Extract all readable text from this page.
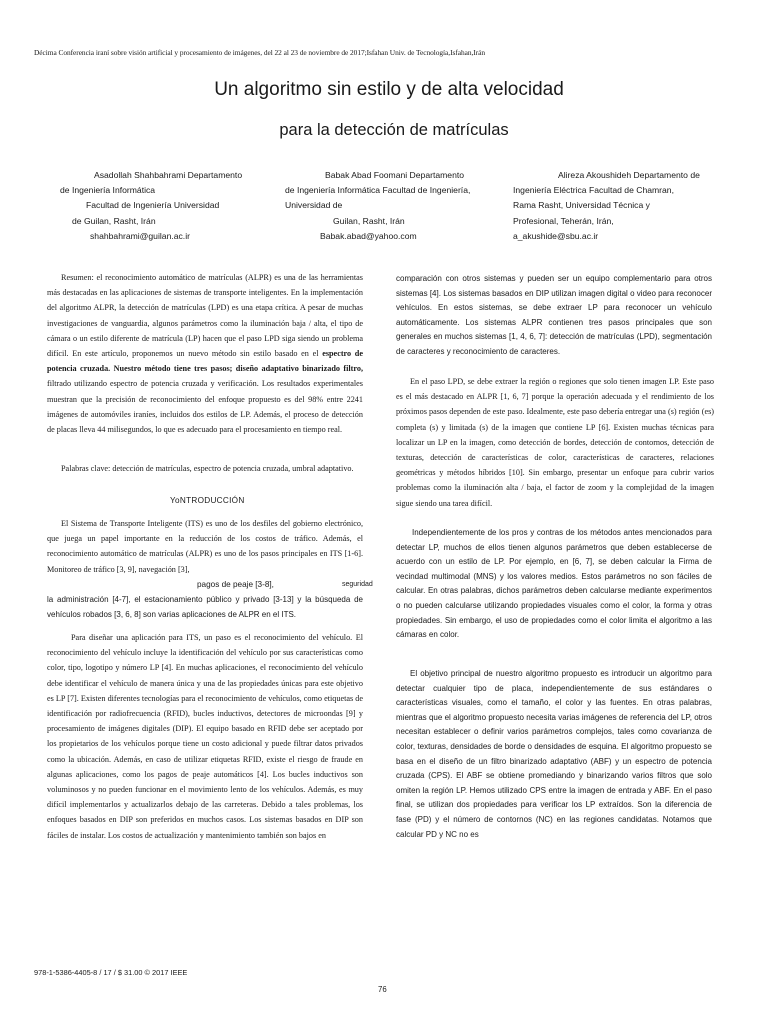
Décima Conferencia iraní sobre visión artificial y procesamiento de imágenes, del 22 al 23 de noviembre de 2017;Isfahan Univ. de Tecnología,Isfahan,Irán
Un algoritmo sin estilo y de alta velocidad
para la detección de matrículas
Asadollah Shahbahrami Departamento
de Ingeniería Informática
Facultad de Ingeniería Universidad
de Guilan, Rasht, Irán
shahbahrami@guilan.ac.ir
Babak Abad Foomani Departamento
de Ingeniería Informática Facultad de Ingeniería,
Universidad de
Guilan, Rasht, Irán
Babak.abad@yahoo.com
Alireza Akoushideh Departamento de
Ingeniería Eléctrica Facultad de Chamran,
Rama Rasht, Universidad Técnica y
Profesional, Teherán, Irán,
a_akushide@sbu.ac.ir

Resumen: el reconocimiento automático de matrículas (ALPR) es una de las herramientas más destacadas en las aplicaciones de sistemas de transporte inteligentes. En la implementación del algoritmo ALPR, la detección de matrículas (LPD) es una etapa crítica. A pesar de muchas investigaciones de vanguardia, algunos parámetros como la iluminación baja / alta, el tipo de cámara o un estilo diferente de matrícula (LP) hacen que el paso LPD siga siendo un problema difícil. En este artículo, proponemos un nuevo método sin estilo basado en el espectro de potencia cruzada. Nuestro método tiene tres pasos; diseño adaptativo binarizado filtro, filtrado utilizando espectro de potencia cruzada y verificación. Los resultados experimentales muestran que la precisión de reconocimiento del enfoque propuesto es del 98% entre 2241 imágenes de automóviles iraníes, incluidos dos estilos de LP. Además, el proceso de detección de placas lleva 44 milisegundos, lo que es adecuado para el procesamiento en tiempo real.

Palabras clave: detección de matrículas, espectro de potencia cruzada, umbral adaptativo.

YoNTRODUCCIÓN

El Sistema de Transporte Inteligente (ITS) es uno de los desfiles del gobierno electrónico, que juega un papel importante en la reducción de los costos de tráfico. Además, el reconocimiento automático de matrículas (ALPR) es uno de los pasos principales en ITS [1-6]. Monitoreo de tráfico [3, 9], navegación [3],

pagos de peaje [3-8],	seguridad

la administración [4-7], el estacionamiento público y privado [3-13] y la búsqueda de vehículos robados [3, 6, 8] son varias aplicaciones de ALPR en el ITS.

Para diseñar una aplicación para ITS, un paso es el reconocimiento del vehículo. El reconocimiento del vehículo incluye la identificación del vehículo por sus características como color, tipo, logotipo y número LP [4]. En muchas aplicaciones, el reconocimiento del vehículo debe identificar el vehículo de manera única y una de las propiedades únicas para este objetivo es LP [7]. Existen diferentes tecnologías para el reconocimiento de vehículos, como etiquetas de identificación por radiofrecuencia (RFID), bucles inductivos, detectores de microondas [9] y procesamiento de imágenes digitales (DIP). El equipo basado en RFID debe ser aceptado por los propietarios de los vehículos porque tiene un costo adicional y puede filtrar datos privados como la ubicación. Además, en caso de utilizar etiquetas RFID, existe el riesgo de fraude en algunas aplicaciones, como los pagos de peaje automáticos [4]. Los bucles inductivos son voluminosos y no pueden funcionar en el movimiento lento de los vehículos. Además, es muy difícil implementarlos y actualizarlos debajo de las carreteras. Debido a tales problemas, los enfoques basados en DIP son preferidos en muchos casos. Los sistemas basados en DIP son fáciles de instalar. Los costos de actualización y mantenimiento también son bajos en

comparación con otros sistemas y pueden ser un equipo complementario para otros sistemas [4]. Los sistemas basados en DIP utilizan imagen digital o video para reconocer vehículos. En estos sistemas, se debe extraer LP para reconocer un vehículo automáticamente. Los sistemas ALPR contienen tres pasos principales que son generales en muchos sistemas [1, 4, 6, 7]: detección de matrículas (LPD), segmentación de caracteres y reconocimiento de caracteres.

En el paso LPD, se debe extraer la región o regiones que solo tienen imagen LP. Este paso es el más destacado en ALPR [1, 6, 7] porque la operación adecuada y el rendimiento de los próximos pasos dependen de este paso. Idealmente, este paso debería entregar una (s) región (es) completa (s) y limitada (s) de la imagen que contiene LP [6]. Existen muchas técnicas para localizar un LP en la imagen, como detección de bordes, detección de contornos, detección de texturas, detección de características de color, características de caracteres, relaciones geométricas y métodos híbridos [10]. Sin embargo, presentar un enfoque para cubrir varios problemas como la iluminación alta / baja, el factor de zoom y la complejidad de la imagen sigue siendo una tarea difícil.

Independientemente de los pros y contras de los métodos antes mencionados para detectar LP, muchos de ellos tienen algunos parámetros que deben establecerse de acuerdo con un estilo de LP. Por ejemplo, en [6, 7], se deben calcular la Firma de vecindad multimodal (MNS) y los valores medios. Estos parámetros no son fáciles de calcular. En otras palabras, dichos parámetros deben calcularse mediante experimentos o no pueden calcularse utilizando propiedades visuales como el color, la forma y otras propiedades. Sin embargo, el uso de propiedades como el color limita el algoritmo a las cámaras en color.

El objetivo principal de nuestro algoritmo propuesto es introducir un algoritmo para detectar cualquier tipo de placa, independientemente de sus estándares o características visuales, como el tamaño, el color y las fuentes. En otras palabras, mientras que el algoritmo propuesto necesita varias imágenes de referencia del LP, otros necesitan establecer o definir varios parámetros complejos, tales como covarianza de color, texturas, densidades de borde o densidades de esquina. El algoritmo propuesto se basa en el diseño de un filtro binarizado adaptativo (ABF) y un espectro de potencia cruzada (CPS). El ABF se obtiene promediando y binarizando varios filtros que solo omiten la región LP. Hemos utilizado CPS entre la imagen de entrada y ABF. En el paso final, se utilizan dos propiedades para verificar los LP extraídos. Son la diferencia de fase (PD) y el número de contornos (NC) en las regiones candidatas. Notamos que calcular PD y NC no es

978-1-5386-4405-8 / 17 / $ 31.00 © 2017 IEEE
76
